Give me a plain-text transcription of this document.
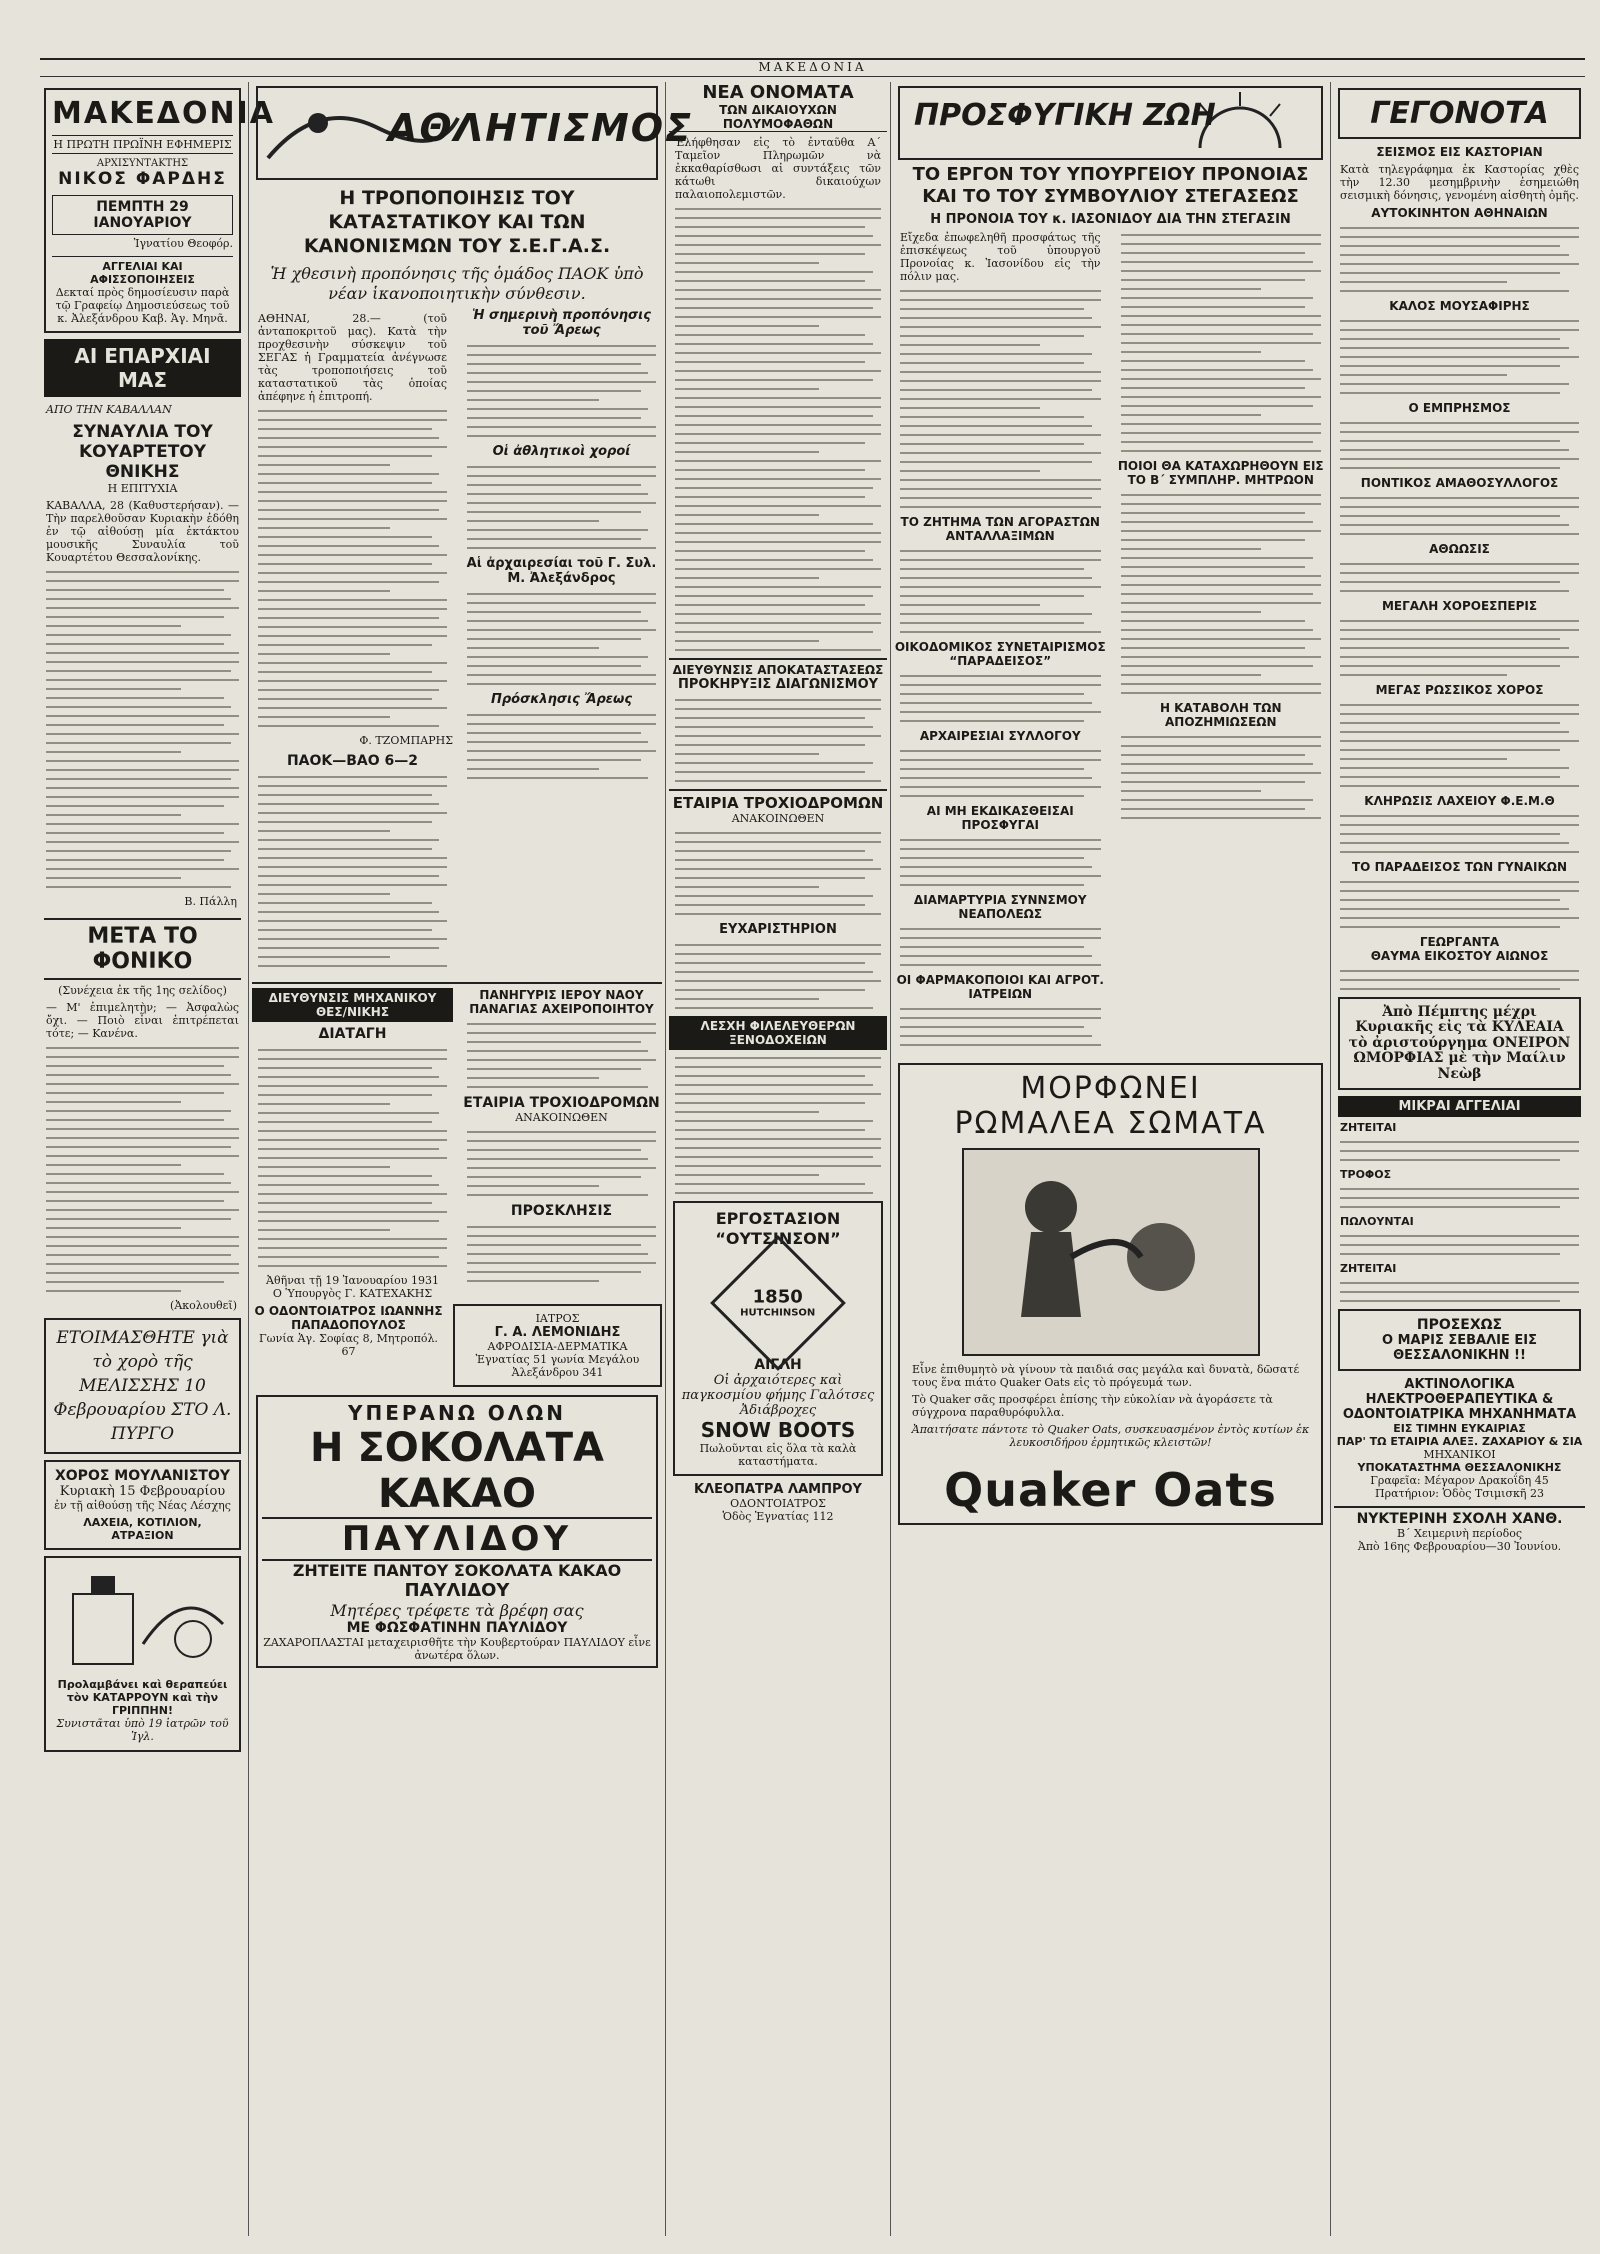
ΜΑΚΕΔΟΝΙΑ
ΜΑΚΕΔΟΝΙΑ
Η ΠΡΩΤΗ ΠΡΩΪΝΗ ΕΦΗΜΕΡΙΣ
ΑΡΧΙΣΥΝΤΑΚΤΗΣ
ΝΙΚΟΣ ΦΑΡΔΗΣ
ΠΕΜΠΤΗ 29 ΙΑΝΟΥΑΡΙΟΥ
Ἰγνατίου Θεοφόρ.
ΑΓΓΕΛΙΑΙ ΚΑΙ ΑΦΙΣΣΟΠΟΙΗΣΕΙΣ
Δεκταί πρὸς δημοσίευσιν παρὰ τῷ Γραφείῳ Δημοσιεύσεως τοῦ κ. Ἀλεξάνδρου Καβ. Ἁγ. Μηνᾶ.
ΑΙ ΕΠΑΡΧΙΑΙ ΜΑΣ
ΑΠΟ ΤΗΝ ΚΑΒΑΛΛΑΝ
ΣΥΝΑΥΛΙΑ ΤΟΥ ΚΟΥΑΡΤΕΤΟΥ ΘΝΙΚΗΣ
Η ΕΠΙΤΥΧΙΑ
ΚΑΒΑΛΛΑ, 28 (Καθυστερήσαν). — Τὴν παρελθοῦσαν Κυριακὴν ἐδόθη ἐν τῷ αἰθούσῃ μία ἐκτάκτου μουσικῆς Συναυλία τοῦ Κουαρτέτου Θεσσαλονίκης.
Β. Πάλλη
ΜΕΤΑ ΤΟ ΦΟΝΙΚΟ
(Συνέχεια ἐκ τῆς 1ης σελίδος)
— Μ' ἐπιμελητὴν; — Ἀσφαλὼς ὄχι. — Ποιὸ εἶναι ἐπιτρέπεται τότε; — Κανένα.
(Ἀκολουθεῖ)
ΕΤΟΙΜΑΣΘΗΤΕ γιὰ τὸ χορὸ τῆς ΜΕΛΙΣΣΗΣ 10 Φεβρουαρίου ΣΤΟ Λ. ΠΥΡΓΟ
ΧΟΡΟΣ ΜΟΥΛΑΝΙΣΤΟΥ
Κυριακὴ 15 Φεβρουαρίου
ἐν τῇ αἰθούσῃ τῆς Νέας Λέσχης
ΛΑΧΕΙΑ, ΚΟΤΙΛΙΟΝ, ΑΤΡΑΞΙΟΝ
Προλαμβάνει καὶ θεραπεύει τὸν ΚΑΤΑΡΡΟΥΝ καὶ τὴν ΓΡΙΠΠΗΝ!
Συνιστᾶται ὑπὸ 19 ἰατρῶν τοῦ Ἰγλ.
ΑΘΛΗΤΙΣΜΟΣ
Η ΤΡΟΠΟΠΟΙΗΣΙΣ ΤΟΥ ΚΑΤΑΣΤΑΤΙΚΟΥ ΚΑΙ ΤΩΝ ΚΑΝΟΝΙΣΜΩΝ ΤΟΥ Σ.Ε.Γ.Α.Σ.
Ἡ χθεσινὴ προπόνησις τῆς ὁμάδος ΠΑΟΚ ὑπὸ νέαν ἱκανοποιητικὴν σύνθεσιν.
ΑΘΗΝΑΙ, 28.— (τοῦ ἀνταποκριτοῦ μας). Κατὰ τὴν προχθεσινὴν σύσκεψιν τοῦ ΣΕΓΑΣ ἡ Γραμματεία ἀνέγνωσε τὰς τροποποιήσεις τοῦ καταστατικοῦ τὰς ὁποίας ἀπέφηνε ἡ ἐπιτροπή.
Φ. ΤΖΟΜΠΑΡΗΣ
ΠΑΟΚ—ΒΑΟ 6—2
Ἡ σημερινὴ προπόνησις τοῦ Ἄρεως
Οἱ ἀθλητικοὶ χοροί
Αἱ ἀρχαιρεσίαι τοῦ Γ. Συλ. Μ. Ἀλεξάνδρος
Πρόσκλησις Ἄρεως
ΔΙΕΥΘΥΝΣΙΣ ΜΗΧΑΝΙΚΟΥ ΘΕΣ/ΝΙΚΗΣ
ΔΙΑΤΑΓΗ
Ἀθῆναι τῇ 19 Ἰανουαρίου 1931
Ο Ὑπουργὸς Γ. ΚΑΤΕΧΑΚΗΣ
ΠΑΝΗΓΥΡΙΣ ΙΕΡΟΥ ΝΑΟΥ ΠΑΝΑΓΙΑΣ ΑΧΕΙΡΟΠΟΙΗΤΟΥ
ΕΤΑΙΡΙΑ ΤΡΟΧΙΟΔΡΟΜΩΝ
ΑΝΑΚΟΙΝΩΘΕΝ
ΠΡΟΣΚΛΗΣΙΣ
Ο ΟΔΟΝΤΟΙΑΤΡΟΣ ΙΩΑΝΝΗΣ ΠΑΠΑΔΟΠΟΥΛΟΣ
Γωνία Ἁγ. Σοφίας 8, Μητροπόλ. 67
ΙΑΤΡΟΣ
Γ. Α. ΛΕΜΟΝΙΔΗΣ
ΑΦΡΟΔΙΣΙΑ-ΔΕΡΜΑΤΙΚΑ
Ἐγνατίας 51 γωνία Μεγάλου Ἀλεξάνδρου 341
ΥΠΕΡΑΝΩ ΟΛΩΝ
Η ΣΟΚΟΛΑΤΑ ΚΑΚΑΟ
ΠΑΥΛΙΔΟΥ
ΖΗΤΕΙΤΕ ΠΑΝΤΟΥ ΣΟΚΟΛΑΤΑ ΚΑΚΑΟ
ΠΑΥΛΙΔΟΥ
Μητέρες τρέφετε τὰ βρέφη σας
ΜΕ ΦΩΣΦΑΤΙΝΗΝ ΠΑΥΛΙΔΟΥ
ΖΑΧΑΡΟΠΛΑΣΤΑΙ μεταχειρισθῆτε τὴν Κουβερτούραν ΠΑΥΛΙΔΟΥ εἶνε ἀνωτέρα ὅλων.
ΝΕΑ ΟΝΟΜΑΤΑ
ΤΩΝ ΔΙΚΑΙΟΥΧΩΝ ΠΟΛΥΜΟΦΑΘΩΝ
Ἐλήφθησαν εἰς τὸ ἐνταῦθα Α΄ Ταμεῖον Πληρωμῶν νὰ ἐκκαθαρίσθωσι αἱ συντάξεις τῶν κάτωθι δικαιούχων παλαιοπολεμιστῶν.
ΔΙΕΥΘΥΝΣΙΣ ΑΠΟΚΑΤΑΣΤΑΣΕΩΣ
ΠΡΟΚΗΡΥΞΙΣ ΔΙΑΓΩΝΙΣΜΟΥ
ΕΤΑΙΡΙΑ ΤΡΟΧΙΟΔΡΟΜΩΝ
ΑΝΑΚΟΙΝΩΘΕΝ
ΕΥΧΑΡΙΣΤΗΡΙΟΝ
ΛΕΣΧΗ ΦΙΛΕΛΕΥΘΕΡΩΝ ΞΕΝΟΔΟΧΕΙΩΝ
ΕΡΓΟΣΤΑΣΙΟΝ “ΟΥΤΣΙΝΣΟΝ”
1850
HUTCHINSON
ΑΙΓΛΗ
Οἱ ἀρχαιότερες καὶ παγκοσμίου φήμης Γαλότσες Ἀδιάβροχες
SNOW BOOTS
Πωλοῦνται εἰς ὅλα τὰ καλὰ καταστήματα.
ΚΛΕΟΠΑΤΡΑ ΛΑΜΠΡΟΥ
ΟΔΟΝΤΟΙΑΤΡΟΣ
Ὁδὸς Ἐγνατίας 112
ΠΡΟΣΦΥΓΙΚΗ ΖΩΗ
ΤΟ ΕΡΓΟΝ ΤΟΥ ΥΠΟΥΡΓΕΙΟΥ ΠΡΟΝΟΙΑΣ ΚΑΙ ΤΟ ΤΟΥ ΣΥΜΒΟΥΛΙΟΥ ΣΤΕΓΑΣΕΩΣ
Η ΠΡΟΝΟΙΑ ΤΟΥ κ. ΙΑΣΟΝΙΔΟΥ ΔΙΑ ΤΗΝ ΣΤΕΓΑΣΙΝ
Εἴχεδα ἐπωφεληθῆ προσφάτως τῆς ἐπισκέψεως τοῦ ὑπουργοῦ Προνοίας κ. Ἰασονίδου εἰς τὴν πόλιν μας.
ΤΟ ΖΗΤΗΜΑ ΤΩΝ ΑΓΟΡΑΣΤΩΝ ΑΝΤΑΛΛΑΞΙΜΩΝ
ΟΙΚΟΔΟΜΙΚΟΣ ΣΥΝΕΤΑΙΡΙΣΜΟΣ “ΠΑΡΑΔΕΙΣΟΣ”
ΑΡΧΑΙΡΕΣΙΑΙ ΣΥΛΛΟΓΟΥ
ΑΙ ΜΗ ΕΚΔΙΚΑΣΘΕΙΣΑΙ ΠΡΟΣΦΥΓΑΙ
ΔΙΑΜΑΡΤΥΡΙΑ ΣΥΝΝΣΜΟΥ ΝΕΑΠΟΛΕΩΣ
ΟΙ ΦΑΡΜΑΚΟΠΟΙΟΙ ΚΑΙ ΑΓΡΟΤ. ΙΑΤΡΕΙΩΝ
ΠΟΙΟΙ ΘΑ ΚΑΤΑΧΩΡΗΘΟΥΝ ΕΙΣ ΤΟ Β΄ ΣΥΜΠΛΗΡ. ΜΗΤΡΩΟΝ
Η ΚΑΤΑΒΟΛΗ ΤΩΝ ΑΠΟΖΗΜΙΩΣΕΩΝ
ΜΟΡΦΩΝΕΙ
ΡΩΜΑΛΕΑ ΣΩΜΑΤΑ
Εἶνε ἐπιθυμητὸ νὰ γίνουν τὰ παιδιά σας μεγάλα καὶ δυνατὰ, δῶσατέ τους ἕνα πιάτο Quaker Oats εἰς τὸ πρόγευμά των.
Τὸ Quaker σᾶς προσφέρει ἐπίσης τὴν εὐκολίαν νὰ ἀγοράσετε τὰ σύγχρονα παραθυρόφυλλα.
Ἀπαιτήσατε πάντοτε τὸ Quaker Oats, συσκευασμένον ἐντὸς κυτίων ἐκ λευκοσιδήρου ἐρμητικῶς κλειστῶν!
Quaker Oats
ΓΕΓΟΝΟΤΑ
ΣΕΙΣΜΟΣ ΕΙΣ ΚΑΣΤΟΡΙΑΝ
Κατὰ τηλεγράφημα ἐκ Καστορίας χθὲς τὴν 12.30 μεσημβρινὴν ἐσημειώθη σεισμικὴ δόνησις, γενομένη αἰσθητὴ ὀμῆς.
ΑΥΤΟΚΙΝΗΤΟΝ ΑΘΗΝΑΙΩΝ
ΚΑΛΟΣ ΜΟΥΣΑΦΙΡΗΣ
Ο ΕΜΠΡΗΣΜΟΣ
ΠΟΝΤΙΚΟΣ ΑΜΑΘΟΣΥΛΛΟΓΟΣ
ΑΘΩΩΣΙΣ
ΜΕΓΑΛΗ ΧΟΡΟΕΣΠΕΡΙΣ
ΜΕΓΑΣ ΡΩΣΣΙΚΟΣ ΧΟΡΟΣ
ΚΛΗΡΩΣΙΣ ΛΑΧΕΙΟΥ Φ.Ε.Μ.Θ
ΤΟ ΠΑΡΑΔΕΙΣΟΣ ΤΩΝ ΓΥΝΑΙΚΩΝ
ΓΕΩΡΓΑΝΤΑ
ΘΑΥΜΑ ΕΙΚΟΣΤΟΥ ΑΙΩΝΟΣ
Ἀπὸ Πέμπτης μέχρι Κυριακῆς εἰς τὰ ΚΥΛΕΑΙΑ τὸ ἀριστούργημα ΟΝΕΙΡΟΝ ΩΜΟΡΦΙΑΣ μὲ τὴν Μαίλιν Νεὼβ
ΜΙΚΡΑΙ ΑΓΓΕΛΙΑΙ
ΖΗΤΕΙΤΑΙ
ΤΡΟΦΟΣ
ΠΩΛΟΥΝΤΑΙ
ΖΗΤΕΙΤΑΙ
ΠΡΟΣΕΧΩΣ
Ο ΜΑΡΙΣ ΣΕΒΑΛΙΕ ΕΙΣ ΘΕΣΣΑΛΟΝΙΚΗΝ !!
ΑΚΤΙΝΟΛΟΓΙΚΑ ΗΛΕΚΤΡΟΘΕΡΑΠΕΥΤΙΚΑ & ΟΔΟΝΤΟΙΑΤΡΙΚΑ ΜΗΧΑΝΗΜΑΤΑ
ΕΙΣ ΤΙΜΗΝ ΕΥΚΑΙΡΙΑΣ
ΠΑΡ' ΤΩ ΕΤΑΙΡΙΑ ΑΛΕΞ. ΖΑΧΑΡΙΟΥ & ΣΙΑ
ΜΗΧΑΝΙΚΟΙ
ΥΠΟΚΑΤΑΣΤΗΜΑ ΘΕΣΣΑΛΟΝΙΚΗΣ
Γραφεῖα: Μέγαρον Δρακοΐδη 45
Πρατήριον: Ὁδὸς Τσιμισκῆ 23
ΝΥΚΤΕΡΙΝΗ ΣΧΟΛΗ ΧΑΝΘ.
Β΄ Χειμερινὴ περίοδος
Ἀπὸ 16ης Φεβρουαρίου—30 Ἰουνίου.
